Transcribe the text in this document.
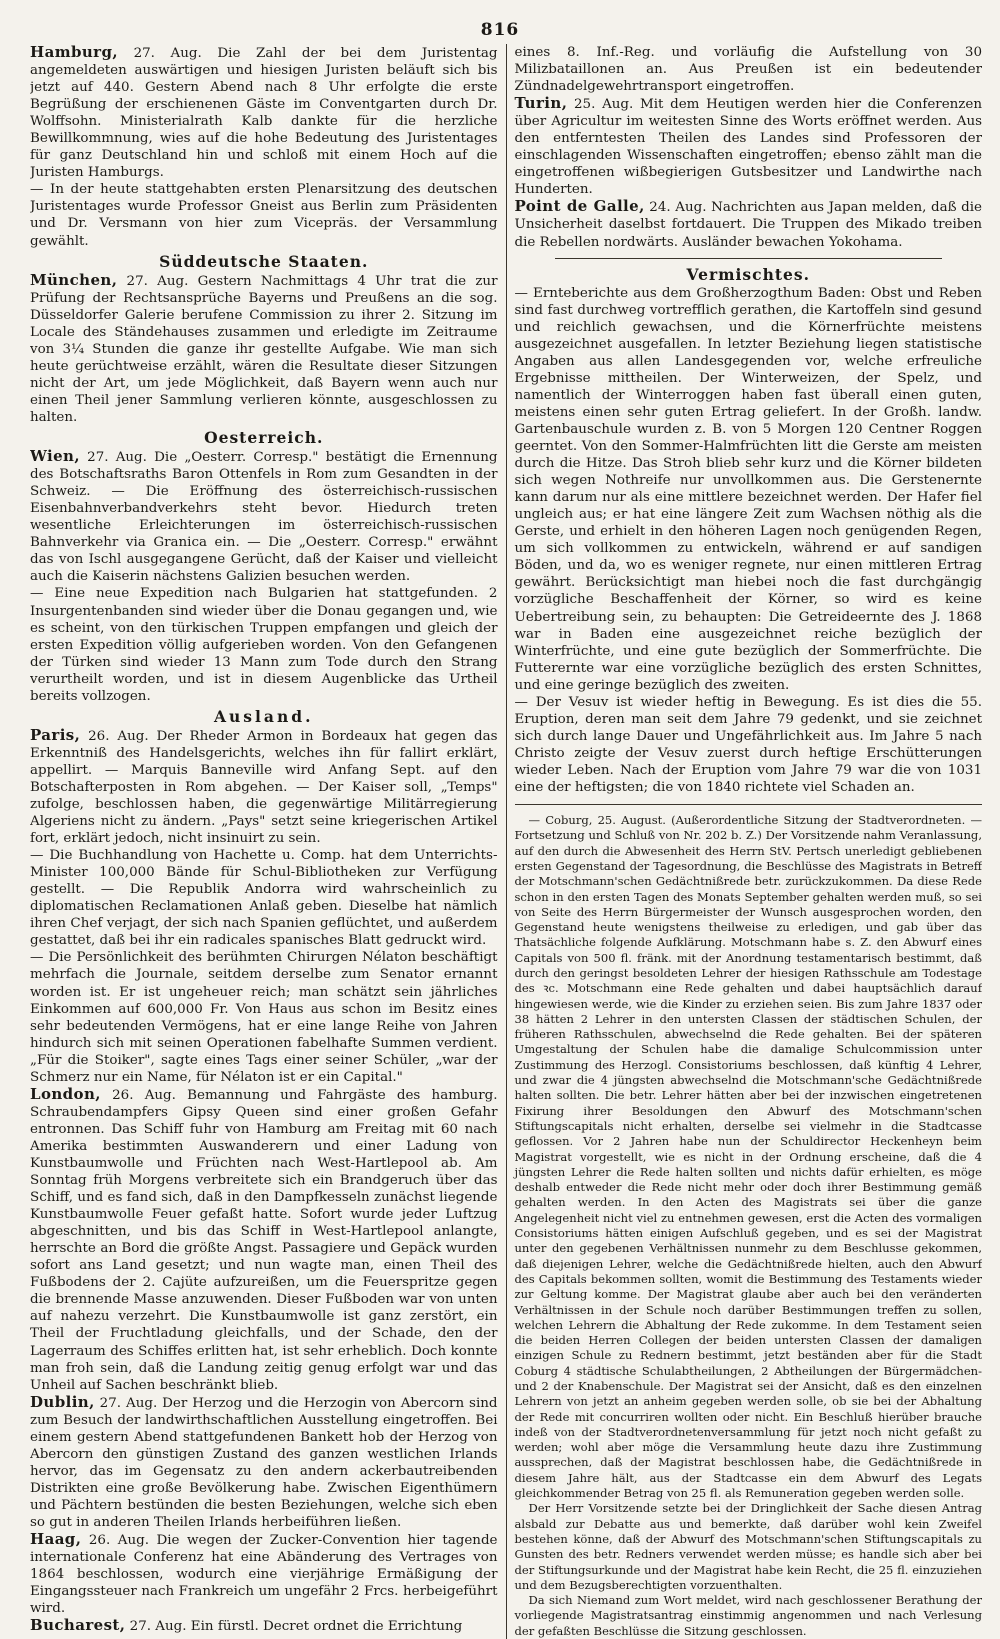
816

Hamburg, 27. Aug. Die Zahl der bei dem Juristentag angemeldeten auswärtigen und hiesigen Juristen beläuft sich bis jetzt auf 440. Gestern Abend nach 8 Uhr erfolgte die erste Begrüßung der erschienenen Gäste im Conventgarten durch Dr. Wolffsohn. Ministerialrath Kalb dankte für die herzliche Bewillkommnung, wies auf die hohe Bedeutung des Juristentages für ganz Deutschland hin und schloß mit einem Hoch auf die Juristen Hamburgs.

— In der heute stattgehabten ersten Plenarsitzung des deutschen Juristentages wurde Professor Gneist aus Berlin zum Präsidenten und Dr. Versmann von hier zum Vicepräs. der Versammlung gewählt.

Süddeutsche Staaten.

München, 27. Aug. Gestern Nachmittags 4 Uhr trat die zur Prüfung der Rechtsansprüche Bayerns und Preußens an die sog. Düsseldorfer Galerie berufene Commission zu ihrer 2. Sitzung im Locale des Ständehauses zusammen und erledigte im Zeitraume von 3¼ Stunden die ganze ihr gestellte Aufgabe. Wie man sich heute gerüchtweise erzählt, wären die Resultate dieser Sitzungen nicht der Art, um jede Möglichkeit, daß Bayern wenn auch nur einen Theil jener Sammlung verlieren könnte, ausgeschlossen zu halten.

Oesterreich.

Wien, 27. Aug. Die „Oesterr. Corresp." bestätigt die Ernennung des Botschaftsraths Baron Ottenfels in Rom zum Gesandten in der Schweiz. — Die Eröffnung des österreichisch-russischen Eisenbahnverbandverkehrs steht bevor. Hiedurch treten wesentliche Erleichterungen im österreichisch-russischen Bahnverkehr via Granica ein. — Die „Oesterr. Corresp." erwähnt das von Ischl ausgegangene Gerücht, daß der Kaiser und vielleicht auch die Kaiserin nächstens Galizien besuchen werden.

— Eine neue Expedition nach Bulgarien hat stattgefunden. 2 Insurgentenbanden sind wieder über die Donau gegangen und, wie es scheint, von den türkischen Truppen empfangen und gleich der ersten Expedition völlig aufgerieben worden. Von den Gefangenen der Türken sind wieder 13 Mann zum Tode durch den Strang verurtheilt worden, und ist in diesem Augenblicke das Urtheil bereits vollzogen.

Ausland.

Paris, 26. Aug. Der Rheder Armon in Bordeaux hat gegen das Erkenntniß des Handelsgerichts, welches ihn für fallirt erklärt, appellirt. — Marquis Banneville wird Anfang Sept. auf den Botschafterposten in Rom abgehen. — Der Kaiser soll, „Temps" zufolge, beschlossen haben, die gegenwärtige Militärregierung Algeriens nicht zu ändern. „Pays" setzt seine kriegerischen Artikel fort, erklärt jedoch, nicht insinuirt zu sein.

— Die Buchhandlung von Hachette u. Comp. hat dem Unterrichts-Minister 100,000 Bände für Schul-Bibliotheken zur Verfügung gestellt. — Die Republik Andorra wird wahrscheinlich zu diplomatischen Reclamationen Anlaß geben. Dieselbe hat nämlich ihren Chef verjagt, der sich nach Spanien geflüchtet, und außerdem gestattet, daß bei ihr ein radicales spanisches Blatt gedruckt wird.

— Die Persönlichkeit des berühmten Chirurgen Nélaton beschäftigt mehrfach die Journale, seitdem derselbe zum Senator ernannt worden ist. Er ist ungeheuer reich; man schätzt sein jährliches Einkommen auf 600,000 Fr. Von Haus aus schon im Besitz eines sehr bedeutenden Vermögens, hat er eine lange Reihe von Jahren hindurch sich mit seinen Operationen fabelhafte Summen verdient. „Für die Stoiker", sagte eines Tags einer seiner Schüler, „war der Schmerz nur ein Name, für Nélaton ist er ein Capital."

London, 26. Aug. Bemannung und Fahrgäste des hamburg. Schraubendampfers Gipsy Queen sind einer großen Gefahr entronnen. Das Schiff fuhr von Hamburg am Freitag mit 60 nach Amerika bestimmten Auswanderern und einer Ladung von Kunstbaumwolle und Früchten nach West-Hartlepool ab. Am Sonntag früh Morgens verbreitete sich ein Brandgeruch über das Schiff, und es fand sich, daß in den Dampfkesseln zunächst liegende Kunstbaumwolle Feuer gefaßt hatte. Sofort wurde jeder Luftzug abgeschnitten, und bis das Schiff in West-Hartlepool anlangte, herrschte an Bord die größte Angst. Passagiere und Gepäck wurden sofort ans Land gesetzt; und nun wagte man, einen Theil des Fußbodens der 2. Cajüte aufzureißen, um die Feuerspritze gegen die brennende Masse anzuwenden. Dieser Fußboden war von unten auf nahezu verzehrt. Die Kunstbaumwolle ist ganz zerstört, ein Theil der Fruchtladung gleichfalls, und der Schade, den der Lagerraum des Schiffes erlitten hat, ist sehr erheblich. Doch konnte man froh sein, daß die Landung zeitig genug erfolgt war und das Unheil auf Sachen beschränkt blieb.

Dublin, 27. Aug. Der Herzog und die Herzogin von Abercorn sind zum Besuch der landwirthschaftlichen Ausstellung eingetroffen. Bei einem gestern Abend stattgefundenen Bankett hob der Herzog von Abercorn den günstigen Zustand des ganzen westlichen Irlands hervor, das im Gegensatz zu den andern ackerbautreibenden Distrikten eine große Bevölkerung habe. Zwischen Eigenthümern und Pächtern bestünden die besten Beziehungen, welche sich eben so gut in anderen Theilen Irlands herbeiführen ließen.

Haag, 26. Aug. Die wegen der Zucker-Convention hier tagende internationale Conferenz hat eine Abänderung des Vertrages von 1864 beschlossen, wodurch eine vierjährige Ermäßigung der Eingangssteuer nach Frankreich um ungefähr 2 Frcs. herbeigeführt wird.

Bucharest, 27. Aug. Ein fürstl. Decret ordnet die Errichtung

eines 8. Inf.-Reg. und vorläufig die Aufstellung von 30 Milizbataillonen an. Aus Preußen ist ein bedeutender Zündnadelgewehrtransport eingetroffen.

Turin, 25. Aug. Mit dem Heutigen werden hier die Conferenzen über Agricultur im weitesten Sinne des Worts eröffnet werden. Aus den entferntesten Theilen des Landes sind Professoren der einschlagenden Wissenschaften eingetroffen; ebenso zählt man die eingetroffenen wißbegierigen Gutsbesitzer und Landwirthe nach Hunderten.

Point de Galle, 24. Aug. Nachrichten aus Japan melden, daß die Unsicherheit daselbst fortdauert. Die Truppen des Mikado treiben die Rebellen nordwärts. Ausländer bewachen Yokohama.

Vermischtes.

— Ernteberichte aus dem Großherzogthum Baden: Obst und Reben sind fast durchweg vortrefflich gerathen, die Kartoffeln sind gesund und reichlich gewachsen, und die Körnerfrüchte meistens ausgezeichnet ausgefallen. In letzter Beziehung liegen statistische Angaben aus allen Landesgegenden vor, welche erfreuliche Ergebnisse mittheilen. Der Winterweizen, der Spelz, und namentlich der Winterroggen haben fast überall einen guten, meistens einen sehr guten Ertrag geliefert. In der Großh. landw. Gartenbauschule wurden z. B. von 5 Morgen 120 Centner Roggen geerntet. Von den Sommer-Halmfrüchten litt die Gerste am meisten durch die Hitze. Das Stroh blieb sehr kurz und die Körner bildeten sich wegen Nothreife nur unvollkommen aus. Die Gerstenernte kann darum nur als eine mittlere bezeichnet werden. Der Hafer fiel ungleich aus; er hat eine längere Zeit zum Wachsen nöthig als die Gerste, und erhielt in den höheren Lagen noch genügenden Regen, um sich vollkommen zu entwickeln, während er auf sandigen Böden, und da, wo es weniger regnete, nur einen mittleren Ertrag gewährt. Berücksichtigt man hiebei noch die fast durchgängig vorzügliche Beschaffenheit der Körner, so wird es keine Uebertreibung sein, zu behaupten: Die Getreideernte des J. 1868 war in Baden eine ausgezeichnet reiche bezüglich der Winterfrüchte, und eine gute bezüglich der Sommerfrüchte. Die Futterernte war eine vorzügliche bezüglich des ersten Schnittes, und eine geringe bezüglich des zweiten.

— Der Vesuv ist wieder heftig in Bewegung. Es ist dies die 55. Eruption, deren man seit dem Jahre 79 gedenkt, und sie zeichnet sich durch lange Dauer und Ungefährlichkeit aus. Im Jahre 5 nach Christo zeigte der Vesuv zuerst durch heftige Erschütterungen wieder Leben. Nach der Eruption vom Jahre 79 war die von 1031 eine der heftigsten; die von 1840 richtete viel Schaden an.

— Coburg, 25. August. (Außerordentliche Sitzung der Stadtverordneten. — Fortsetzung und Schluß von Nr. 202 b. Z.) Der Vorsitzende nahm Veranlassung, auf den durch die Abwesenheit des Herrn StV. Pertsch unerledigt gebliebenen ersten Gegenstand der Tagesordnung, die Beschlüsse des Magistrats in Betreff der Motschmann'schen Gedächtnißrede betr. zurückzukommen. Da diese Rede schon in den ersten Tagen des Monats September gehalten werden muß, so sei von Seite des Herrn Bürgermeister der Wunsch ausgesprochen worden, den Gegenstand heute wenigstens theilweise zu erledigen, und gab über das Thatsächliche folgende Aufklärung. Motschmann habe s. Z. den Abwurf eines Capitals von 500 fl. fränk. mit der Anordnung testamentarisch bestimmt, daß durch den geringst besoldeten Lehrer der hiesigen Rathsschule am Todestage des ꝛc. Motschmann eine Rede gehalten und dabei hauptsächlich darauf hingewiesen werde, wie die Kinder zu erziehen seien. Bis zum Jahre 1837 oder 38 hätten 2 Lehrer in den untersten Classen der städtischen Schulen, der früheren Rathsschulen, abwechselnd die Rede gehalten. Bei der späteren Umgestaltung der Schulen habe die damalige Schulcommission unter Zustimmung des Herzogl. Consistoriums beschlossen, daß künftig 4 Lehrer, und zwar die 4 jüngsten abwechselnd die Motschmann'sche Gedächtnißrede halten sollten. Die betr. Lehrer hätten aber bei der inzwischen eingetretenen Fixirung ihrer Besoldungen den Abwurf des Motschmann'schen Stiftungscapitals nicht erhalten, derselbe sei vielmehr in die Stadtcasse geflossen. Vor 2 Jahren habe nun der Schuldirector Heckenheyn beim Magistrat vorgestellt, wie es nicht in der Ordnung erscheine, daß die 4 jüngsten Lehrer die Rede halten sollten und nichts dafür erhielten, es möge deshalb entweder die Rede nicht mehr oder doch ihrer Bestimmung gemäß gehalten werden. In den Acten des Magistrats sei über die ganze Angelegenheit nicht viel zu entnehmen gewesen, erst die Acten des vormaligen Consistoriums hätten einigen Aufschluß gegeben, und es sei der Magistrat unter den gegebenen Verhältnissen nunmehr zu dem Beschlusse gekommen, daß diejenigen Lehrer, welche die Gedächtnißrede hielten, auch den Abwurf des Capitals bekommen sollten, womit die Bestimmung des Testaments wieder zur Geltung komme. Der Magistrat glaube aber auch bei den veränderten Verhältnissen in der Schule noch darüber Bestimmungen treffen zu sollen, welchen Lehrern die Abhaltung der Rede zukomme. In dem Testament seien die beiden Herren Collegen der beiden untersten Classen der damaligen einzigen Schule zu Rednern bestimmt, jetzt beständen aber für die Stadt Coburg 4 städtische Schulabtheilungen, 2 Abtheilungen der Bürgermädchen- und 2 der Knabenschule. Der Magistrat sei der Ansicht, daß es den einzelnen Lehrern von jetzt an anheim gegeben werden solle, ob sie bei der Abhaltung der Rede mit concurriren wollten oder nicht. Ein Beschluß hierüber brauche indeß von der Stadtverordnetenversammlung für jetzt noch nicht gefaßt zu werden; wohl aber möge die Versammlung heute dazu ihre Zustimmung aussprechen, daß der Magistrat beschlossen habe, die Gedächtnißrede in diesem Jahre hält, aus der Stadtcasse ein dem Abwurf des Legats gleichkommender Betrag von 25 fl. als Remuneration gegeben werden solle.

Der Herr Vorsitzende setzte bei der Dringlichkeit der Sache diesen Antrag alsbald zur Debatte aus und bemerkte, daß darüber wohl kein Zweifel bestehen könne, daß der Abwurf des Motschmann'schen Stiftungscapitals zu Gunsten des betr. Redners verwendet werden müsse; es handle sich aber bei der Stiftungsurkunde und der Magistrat habe kein Recht, die 25 fl. einzuziehen und dem Bezugsberechtigten vorzuenthalten.

Da sich Niemand zum Wort meldet, wird nach geschlossener Berathung der vorliegende Magistratsantrag einstimmig angenommen und nach Verlesung der gefaßten Beschlüsse die Sitzung geschlossen.
